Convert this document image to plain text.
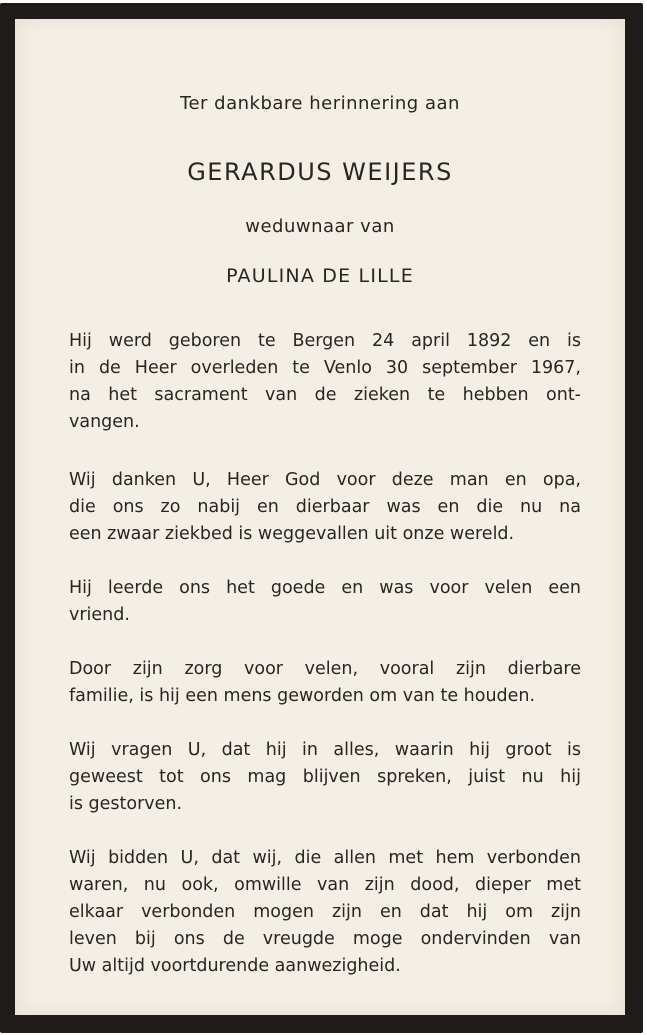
Ter dankbare herinnering aan
GERARDUS WEIJERS
weduwnaar van
PAULINA DE LILLE
Hij werd geboren te Bergen 24 april 1892 en is
in de Heer overleden te Venlo 30 september 1967,
na het sacrament van de zieken te hebben ont-
vangen.
Wij danken U, Heer God voor deze man en opa,
die ons zo nabij en dierbaar was en die nu na
een zwaar ziekbed is weggevallen uit onze wereld.
Hij leerde ons het goede en was voor velen een
vriend.
Door zijn zorg voor velen, vooral zijn dierbare
familie, is hij een mens geworden om van te houden.
Wij vragen U, dat hij in alles, waarin hij groot is
geweest tot ons mag blijven spreken, juist nu hij
is gestorven.
Wij bidden U, dat wij, die allen met hem verbonden
waren, nu ook, omwille van zijn dood, dieper met
elkaar verbonden mogen zijn en dat hij om zijn
leven bij ons de vreugde moge ondervinden van
Uw altijd voortdurende aanwezigheid.
